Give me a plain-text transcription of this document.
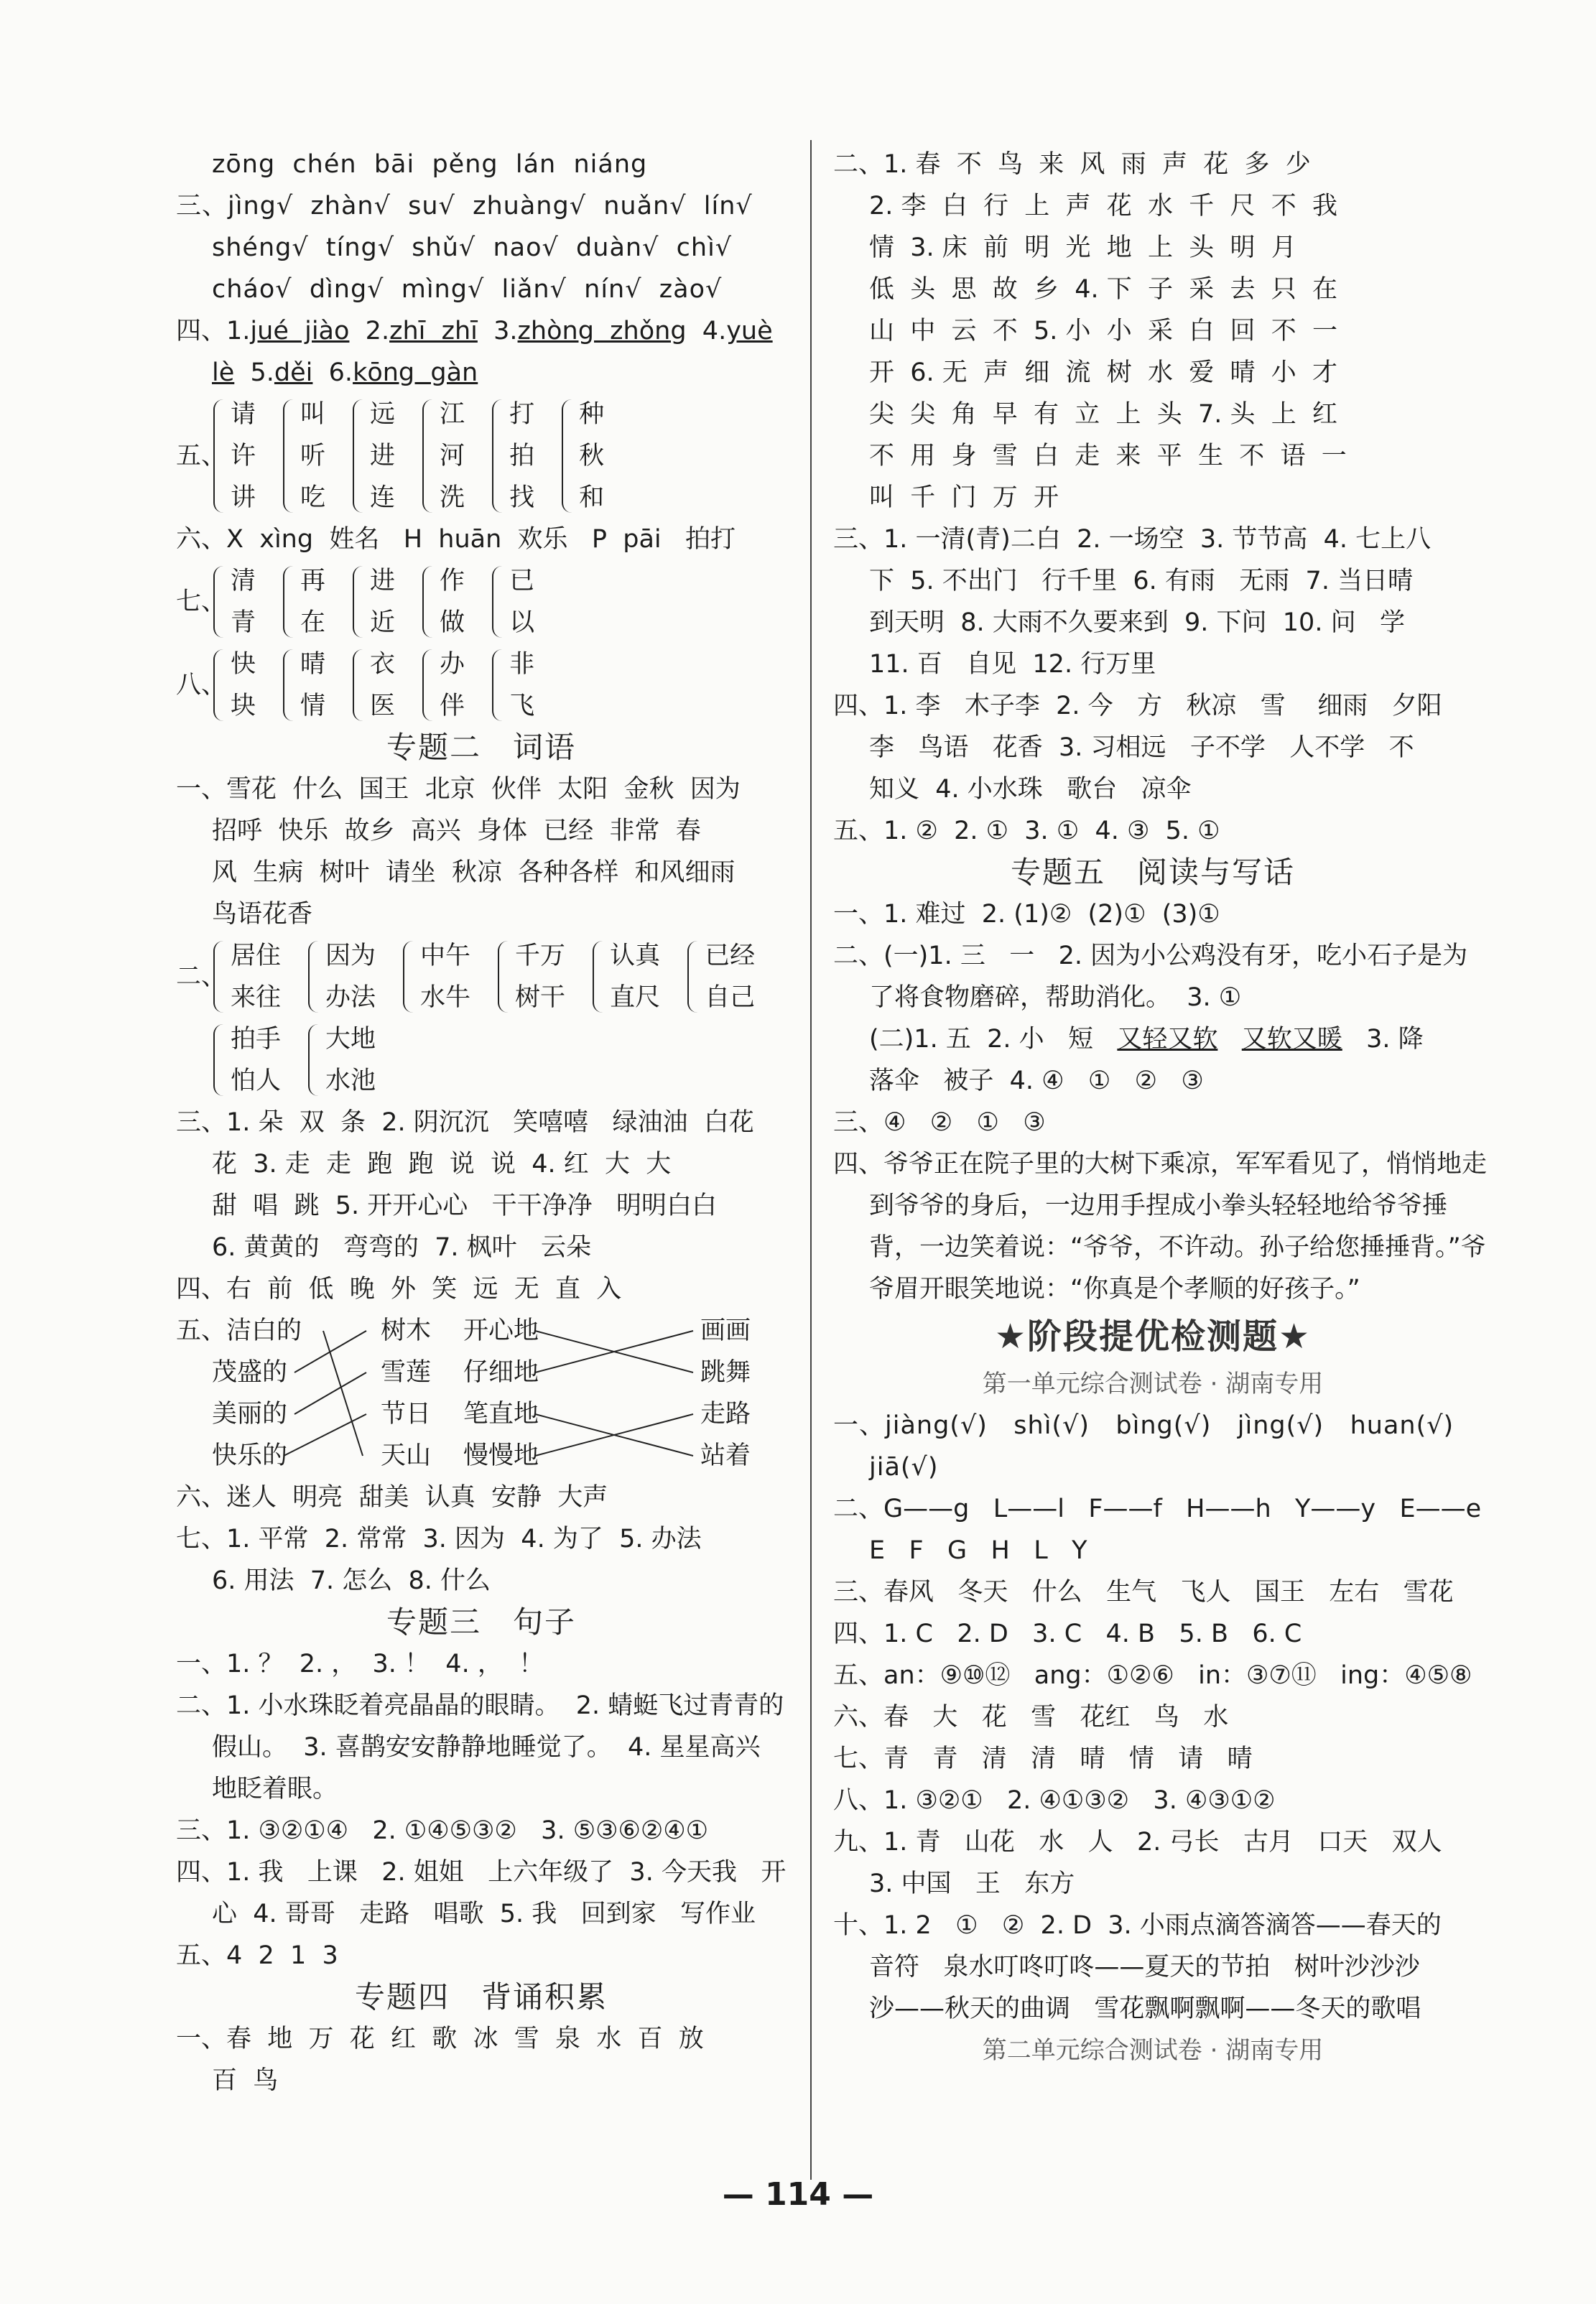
zōng  chén  bāi  pěng  lán  niáng
三、jìng√  zhàn√  su√  zhuàng√  nuǎn√  lín√
shéng√  tíng√  shǔ√  nao√  duàn√  chì√
cháo√  dìng√  mìng√  liǎn√  nín√  zào√
四、1.jué  jiào  2.zhī  zhī  3.zhòng  zhǒng  4.yuè
lè  5.děi  6.kōng  gàn
五、
请
许
讲
叫
听
吃
远
进
连
江
河
洗
打
拍
找
种
秋
和
六、X  xìng  姓名   H  huān  欢乐   P  pāi   拍打
七、
清
青
再
在
进
近
作
做
已
以
八、
快
块
晴
情
衣
医
办
伴
非
飞
专题二　词语
一、雪花  什么  国王  北京  伙伴  太阳  金秋  因为
招呼  快乐  故乡  高兴  身体  已经  非常  春
风  生病  树叶  请坐  秋凉  各种各样  和风细雨
鸟语花香
二、
居住
来往
因为
办法
中午
水牛
千万
树干
认真
直尺
已经
自己
拍手
怕人
大地
水池
三、1. 朵  双  条  2. 阴沉沉   笑嘻嘻   绿油油  白花
花  3. 走  走  跑  跑  说  说  4. 红  大  大
甜  唱  跳  5. 开开心心   干干净净   明明白白
6. 黄黄的   弯弯的  7. 枫叶   云朵
四、右  前  低  晚  外  笑  远  无  直  入
五、洁白的
茂盛的
美丽的
快乐的
树木
雪莲
节日
天山
开心地
仔细地
笔直地
慢慢地
画画
跳舞
走路
站着
六、迷人  明亮  甜美  认真  安静  大声
七、1. 平常  2. 常常  3. 因为  4. 为了  5. 办法
6. 用法  7. 怎么  8. 什么
专题三　句子
一、1. ？  2. ，  3. ！  4. ，  ！
二、1. 小水珠眨着亮晶晶的眼睛。  2. 蜻蜓飞过青青的
假山。  3. 喜鹊安安静静地睡觉了。  4. 星星高兴
地眨着眼。
三、1. ③②①④   2. ①④⑤③②   3. ⑤③⑥②④①
四、1. 我   上课   2. 姐姐   上六年级了  3. 今天我   开
心  4. 哥哥   走路   唱歌  5. 我   回到家   写作业
五、4  2  1  3
专题四　背诵积累
一、春  地  万  花  红  歌  冰  雪  泉  水  百  放
百  鸟
二、1. 春  不  鸟  来  风  雨  声  花  多  少
2. 李  白  行  上  声  花  水  千  尺  不  我
情  3. 床  前  明  光  地  上  头  明  月
低  头  思  故  乡  4. 下  子  采  去  只  在
山  中  云  不  5. 小  小  采  白  回  不  一
开  6. 无  声  细  流  树  水  爱  晴  小  才
尖  尖  角  早  有  立  上  头  7. 头  上  红
不  用  身  雪  白  走  来  平  生  不  语  一
叫  千  门  万  开
三、1. 一清(青)二白  2. 一场空  3. 节节高  4. 七上八
下  5. 不出门   行千里  6. 有雨   无雨  7. 当日晴
到天明  8. 大雨不久要来到  9. 下问  10. 问   学
11. 百   自见  12. 行万里
四、1. 李   木子李  2. 今   方   秋凉   雪    细雨   夕阳
李   鸟语   花香  3. 习相远   子不学   人不学   不
知义  4. 小水珠   歌台   凉伞
五、1. ②  2. ①  3. ①  4. ③  5. ①
专题五　阅读与写话
一、1. 难过  2. (1)②  (2)①  (3)①
二、(一)1. 三   一   2. 因为小公鸡没有牙，吃小石子是为
了将食物磨碎，帮助消化。  3. ①
(二)1. 五  2. 小   短   又轻又软 又软又暖   3. 降
落伞   被子  4. ④   ①   ②   ③
三、④   ②   ①   ③
四、爷爷正在院子里的大树下乘凉，军军看见了，悄悄地走
到爷爷的身后，一边用手捏成小拳头轻轻地给爷爷捶
背，一边笑着说：“爷爷，不许动。孙子给您捶捶背。”爷
爷眉开眼笑地说：“你真是个孝顺的好孩子。”
★阶段提优检测题★
第一单元综合测试卷 · 湖南专用
一、jiàng(√)   shì(√)   bìng(√)   jìng(√)   huan(√)
jiā(√)
二、G——g   L——l   F——f   H——h   Y——y   E——e
E   F   G   H   L   Y
三、春风   冬天   什么   生气   飞人   国王   左右   雪花
四、1. C   2. D   3. C   4. B   5. B   6. C
五、an：⑨⑩⑫   ang：①②⑥   in：③⑦⑪   ing：④⑤⑧
六、春   大   花   雪   花红   鸟   水
七、青   青   清   清   晴   情   请   晴
八、1. ③②①   2. ④①③②   3. ④③①②
九、1. 青   山花   水   人   2. 弓长   古月   口天   双人
3. 中国   王   东方
十、1. 2   ①   ②  2. D  3. 小雨点滴答滴答——春天的
音符   泉水叮咚叮咚——夏天的节拍   树叶沙沙沙
沙——秋天的曲调   雪花飘啊飘啊——冬天的歌唱
第二单元综合测试卷 · 湖南专用
— 114 —
